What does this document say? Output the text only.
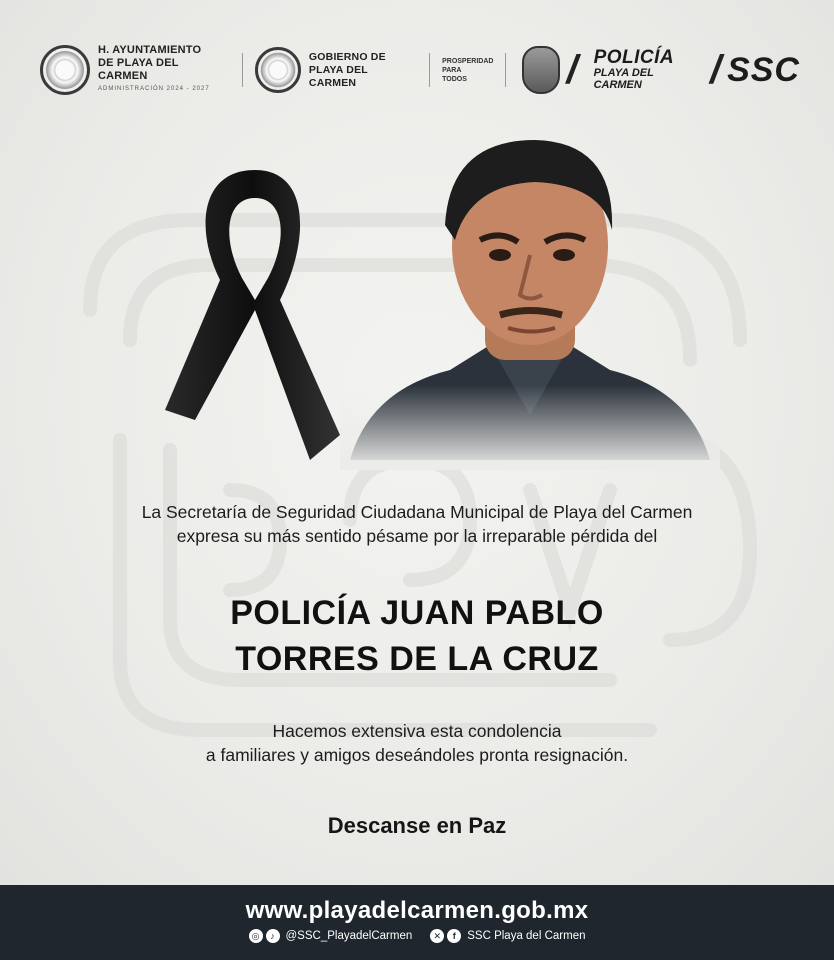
H. AYUNTAMIENTO
DE PLAYA DEL CARMEN
ADMINISTRACIÓN 2024 - 2027
GOBIERNO DE
PLAYA DEL CARMEN
PROSPERIDAD
PARA
TODOS	/ POLICÍA
PLAYA DEL CARMEN	/ SSC
La Secretaría de Seguridad Ciudadana Municipal de Playa del Carmen
expresa su más sentido pésame por la irreparable pérdida del
POLICÍA JUAN PABLO
TORRES DE LA CRUZ
Hacemos extensiva esta condolencia
a familiares y amigos deseándoles pronta resignación.
Descanse en Paz
www.playadelcarmen.gob.mx
◎	♪ @SSC_PlayadelCarmen	✕	f	SSC Playa del Carmen
